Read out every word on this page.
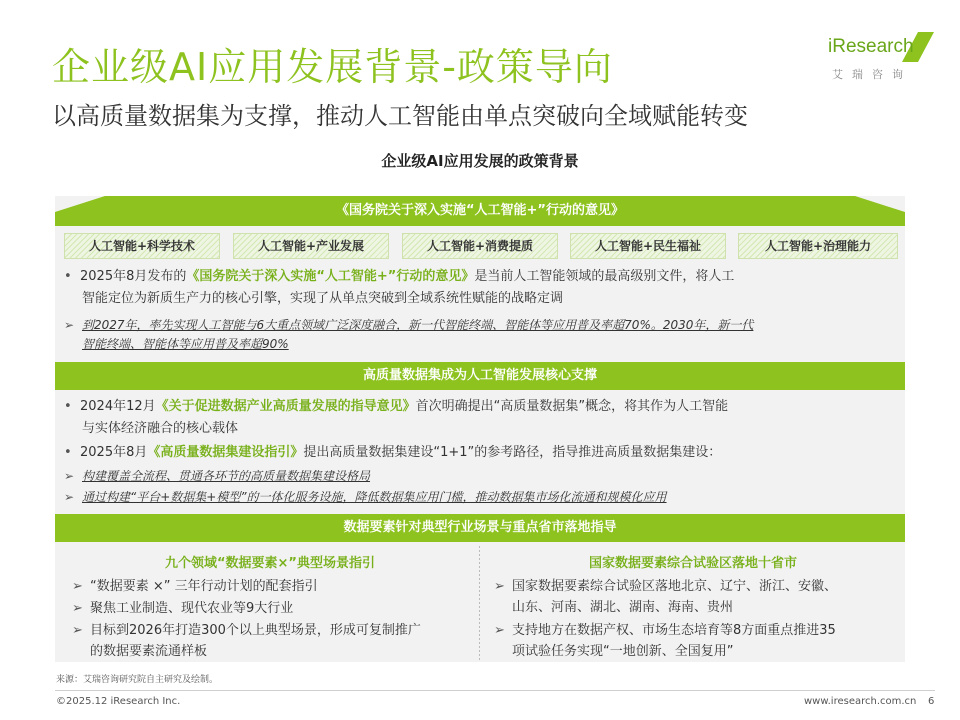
企业级AI应用发展背景-政策导向
以高质量数据集为支撑，推动人工智能由单点突破向全域赋能转变
iResearch
艾瑞咨询
企业级AI应用发展的政策背景
《国务院关于深入实施“人工智能+”行动的意见》
人工智能+科学技术	人工智能+产业发展	人工智能+消费提质	人工智能+民生福祉	人工智能+治理能力
• 2025年8月发布的《国务院关于深入实施“人工智能+”行动的意见》是当前人工智能领域的最高级别文件，将人工
智能定位为新质生产力的核心引擎，实现了从单点突破到全域系统性赋能的战略定调
➢ 到2027年，率先实现人工智能与6大重点领域广泛深度融合，新一代智能终端、智能体等应用普及率超70%。2030年，新一代
智能终端、智能体等应用普及率超90%
高质量数据集成为人工智能发展核心支撑
• 2024年12月《关于促进数据产业高质量发展的指导意见》首次明确提出“高质量数据集”概念，将其作为人工智能
与实体经济融合的核心载体
• 2025年8月《高质量数据集建设指引》提出高质量数据集建设“1+1”的参考路径，指导推进高质量数据集建设：
➢ 构建覆盖全流程、贯通各环节的高质量数据集建设格局
➢ 通过构建“平台+数据集+模型”的一体化服务设施，降低数据集应用门槛，推动数据集市场化流通和规模化应用
数据要素针对典型行业场景与重点省市落地指导
九个领域“数据要素×”典型场景指引
➢ “数据要素 ×” 三年行动计划的配套指引
➢ 聚焦工业制造、现代农业等9大行业
➢ 目标到2026年打造300个以上典型场景，形成可复制推广
的数据要素流通样板
国家数据要素综合试验区落地十省市
➢ 国家数据要素综合试验区落地北京、辽宁、浙江、安徽、
山东、河南、湖北、湖南、海南、贵州
➢ 支持地方在数据产权、市场生态培育等8方面重点推进35
项试验任务实现“一地创新、全国复用”
来源：艾瑞咨询研究院自主研究及绘制。
©2025.12 iResearch Inc.	www.iresearch.com.cn 6
